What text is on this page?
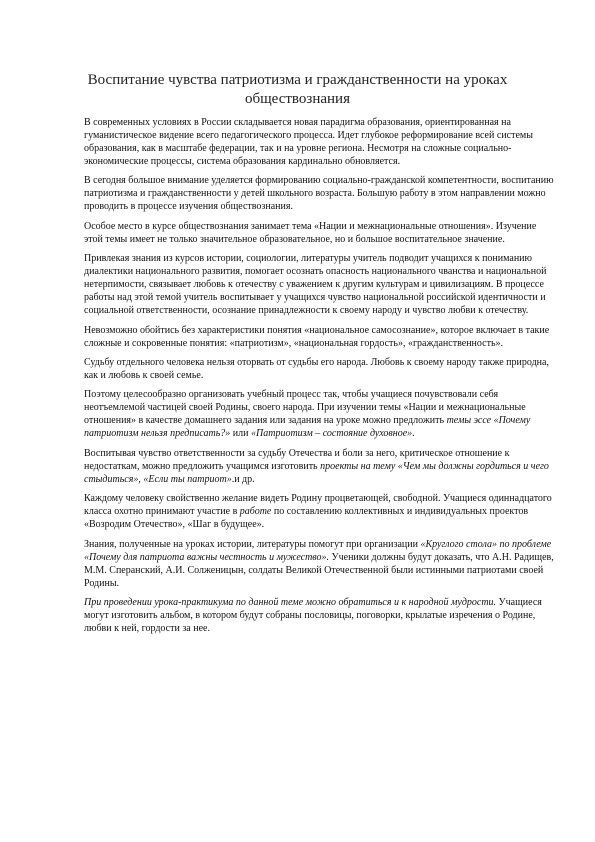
Воспитание чувства патриотизма и гражданственности на уроках обществознания

В современных условиях в России складывается новая парадигма образования, ориентированная на гуманистическое видение всего педагогического процесса. Идет глубокое реформирование всей системы образования, как в масштабе федерации, так и на уровне региона. Несмотря на сложные социально-экономические процессы, система образования кардинально обновляется.

В сегодня большое внимание уделяется формированию социально-гражданской компетентности, воспитанию патриотизма и гражданственности у детей школьного возраста. Большую работу в этом направлении можно проводить в процессе изучения обществознания.

Особое место в курсе обществознания занимает тема «Нации и межнациональные отношения». Изучение этой темы имеет не только значительное образовательное, но и большое воспитательное значение.

Привлекая знания из курсов истории, социологии, литературы учитель подводит учащихся к пониманию диалектики национального развития, помогает осознать опасность национального чванства и национальной нетерпимости, связывает любовь к отечеству с уважением к другим культурам и цивилизациям. В процессе работы над этой темой учитель воспитывает у учащихся чувство национальной российской идентичности и социальной ответственности, осознание принадлежности к своему народу и чувство любви к отечеству.

Невозможно обойтись без характеристики понятия «национальное самосознание», которое включает в такие сложные и сокровенные понятия: «патриотизм», «национальная гордость», «гражданственность».

Судьбу отдельного человека нельзя оторвать от судьбы его народа. Любовь к своему народу также природна, как и любовь к своей семье.

Поэтому целесообразно организовать учебный процесс так, чтобы учащиеся почувствовали себя неотъемлемой частицей своей Родины, своего народа. При изучении темы «Нации и межнациональные отношения» в качестве домашнего задания или задания на уроке можно предложить темы эссе «Почему патриотизм нельзя предписать?» или «Патриотизм – состояние духовное».

Воспитывая чувство ответственности за судьбу Отечества и боли за него, критическое отношение к недостаткам, можно предложить учащимся изготовить проекты на тему «Чем мы должны гордиться и чего стыдиться», «Если ты патриот».и др.

Каждому человеку свойственно желание видеть Родину процветающей, свободной. Учащиеся одиннадцатого класса охотно принимают участие в работе по составлению коллективных и индивидуальных проектов «Возродим Отечество», «Шаг в будущее».

Знания, полученные на уроках истории, литературы помогут при организации «Круглого стола» по проблеме «Почему для патриота важны честность и мужество». Ученики должны будут доказать, что А.Н. Радищев, М.М. Сперанский, А.И. Солженицын, солдаты Великой Отечественной были истинными патриотами своей Родины.

При проведении урока-практикума по данной теме можно обратиться и к народной мудрости. Учащиеся могут изготовить альбом, в котором будут собраны пословицы, поговорки, крылатые изречения о Родине, любви к ней, гордости за нее.
